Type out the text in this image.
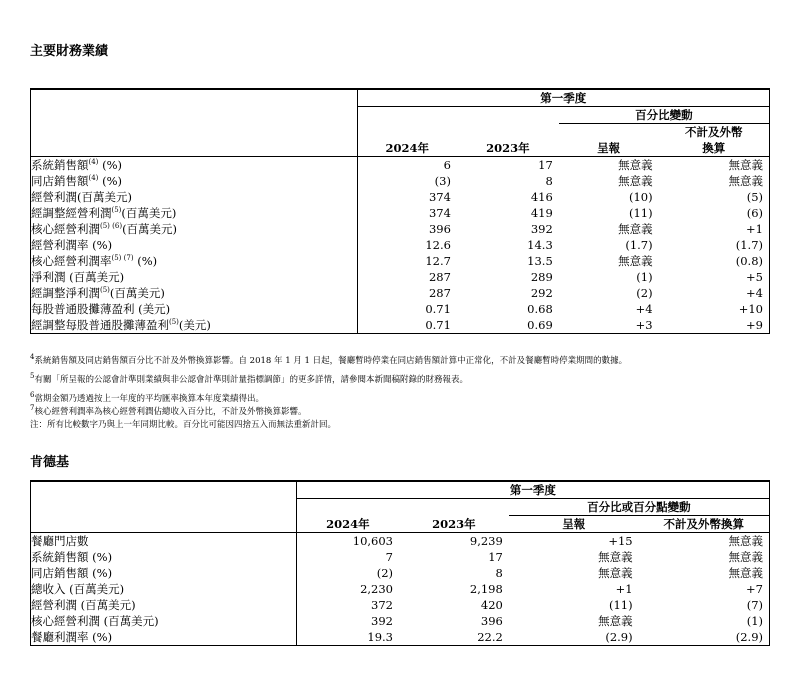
主要財務業績
	第一季度			
			百分比變動	
				不計及外幣
	2024年	2023年	呈報	換算
系統銷售額$^{(4)}$ (%)	6	17	無意義	無意義
同店銷售額$^{(4)}$ (%)	(3)	8	無意義	無意義
經營利潤(百萬美元)	374	416	(10)	(5)
經調整經營利潤$^{(5)}$(百萬美元)	374	419	(11)	(6)
核心經營利潤$^{(5) (6)}$(百萬美元)	396	392	無意義	+1
經營利潤率 (%)	12.6	14.3	(1.7)	(1.7)
核心經營利潤率$^{(5) (7)}$ (%)	12.7	13.5	無意義	(0.8)
淨利潤 (百萬美元)	287	289	(1)	+5
經調整淨利潤$^{(5)}$(百萬美元)	287	292	(2)	+4
每股普通股攤薄盈利 (美元)	0.71	0.68	+4	+10
經調整每股普通股攤薄盈利$^{(5)}$(美元)	0.71	0.69	+3	+9
$^4$系統銷售額及同店銷售額百分比不計及外幣換算影響。自 2018 年 1 月 1 日起，餐廳暫時停業在同店銷售額計算中正常化，不計及餐廳暫時停業期間的數據。
$^5$有關「所呈報的公認會計準則業績與非公認會計準則計量指標調節」的更多詳情，請參閱本新聞稿附錄的財務報表。
$^6$當期金額乃透過按上一年度的平均匯率換算本年度業績得出。
$^7$核心經營利潤率為核心經營利潤佔總收入百分比，不計及外幣換算影響。
注：所有比較數字乃與上一年同期比較。百分比可能因四捨五入而無法重新計回。
肯德基
	第一季度			
			百分比或百分點變動	
	2024年	2023年	呈報	不計及外幣換算
餐廳門店數	10,603	9,239	+15	無意義
系統銷售額 (%)	7	17	無意義	無意義
同店銷售額 (%)	(2)	8	無意義	無意義
總收入 (百萬美元)	2,230	2,198	+1	+7
經營利潤 (百萬美元)	372	420	(11)	(7)
核心經營利潤 (百萬美元)	392	396	無意義	(1)
餐廳利潤率 (%)	19.3	22.2	(2.9)	(2.9)
